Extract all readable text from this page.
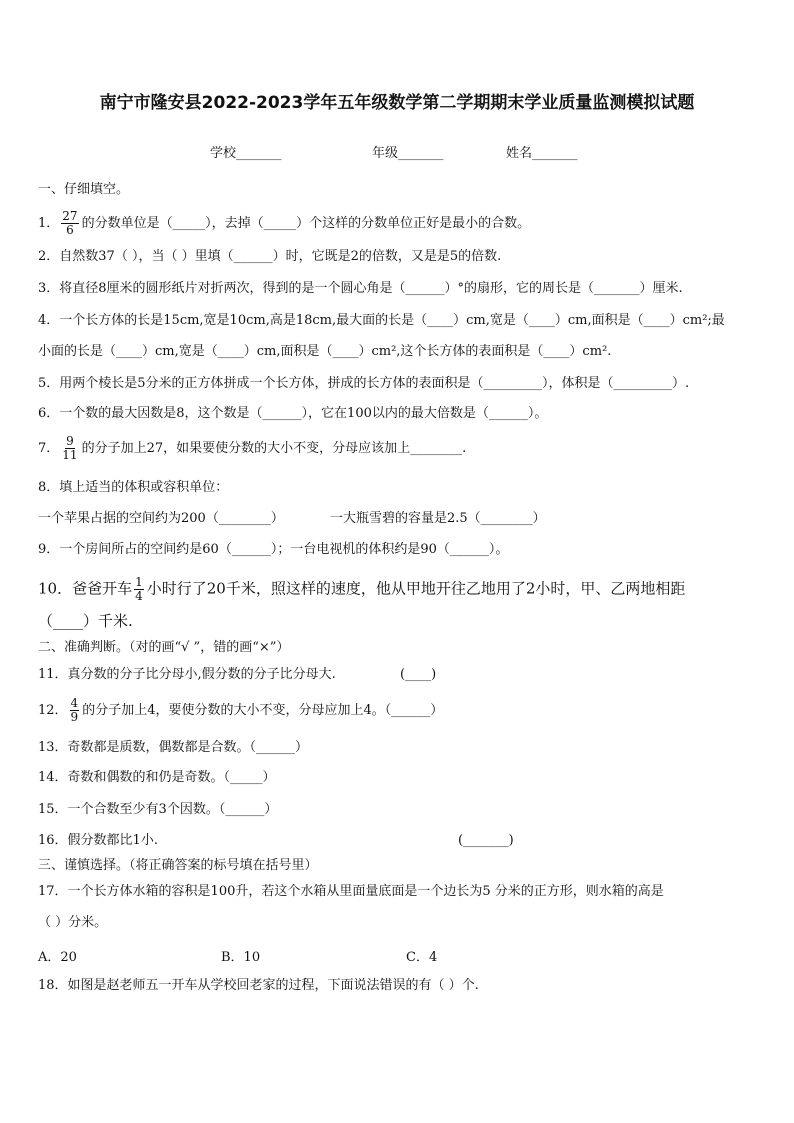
南宁市隆安县2022-2023学年五年级数学第二学期期末学业质量监测模拟试题
学校_______	年级_______	姓名_______
一、仔细填空。
1． $\frac{27}{6}$ 的分数单位是（_____），去掉（_____）个这样的分数单位正好是最小的合数。
2．自然数37（ ），当（ ）里填（______）时，它既是2的倍数，又是是5的倍数.
3．将直径8厘米的圆形纸片对折两次，得到的是一个圆心角是（______）°的扇形，它的周长是（_______）厘米.
4．一个长方体的长是15cm,宽是10cm,高是18cm,最大面的长是（____）cm,宽是（____）cm,面积是（____）cm²;最
小面的长是（____）cm,宽是（____）cm,面积是（____）cm²,这个长方体的表面积是（____）cm².
5．用两个棱长是5分米的正方体拼成一个长方体，拼成的长方体的表面积是（_________），体积是（_________）.
6．一个数的最大因数是8，这个数是（______），它在100以内的最大倍数是（______）。
7． $\frac{9}{11}$ 的分子加上27，如果要使分数的大小不变，分母应该加上________.
8．填上适当的体积或容积单位：
一个苹果占据的空间约为200（________）	一大瓶雪碧的容量是2.5（________）
9．一个房间所占的空间约是60（______）；一台电视机的体积约是90（______）。
10．爸爸开车 $\frac{1}{4}$ 小时行了20千米，照这样的速度，他从甲地开往乙地用了2小时，甲、乙两地相距
（____）千米.
二、准确判断。（对的画“√ ”，错的画“×”）
11．真分数的分子比分母小,假分数的分子比分母大.	(____)
12． $\frac{4}{9}$ 的分子加上4，要使分数的大小不变，分母应加上4。（______）
13．奇数都是质数，偶数都是合数。（______）
14．奇数和偶数的和仍是奇数。（_____）
15．一个合数至少有3个因数。（______）
16．假分数都比1小.	(_______)
三、谨慎选择。（将正确答案的标号填在括号里）
17．一个长方体水箱的容积是100升，若这个水箱从里面量底面是一个边长为5 分米的正方形，则水箱的高是
（ ）分米。
A．20	B．10	C．4
18．如图是赵老师五一开车从学校回老家的过程，下面说法错误的有（ ）个.
